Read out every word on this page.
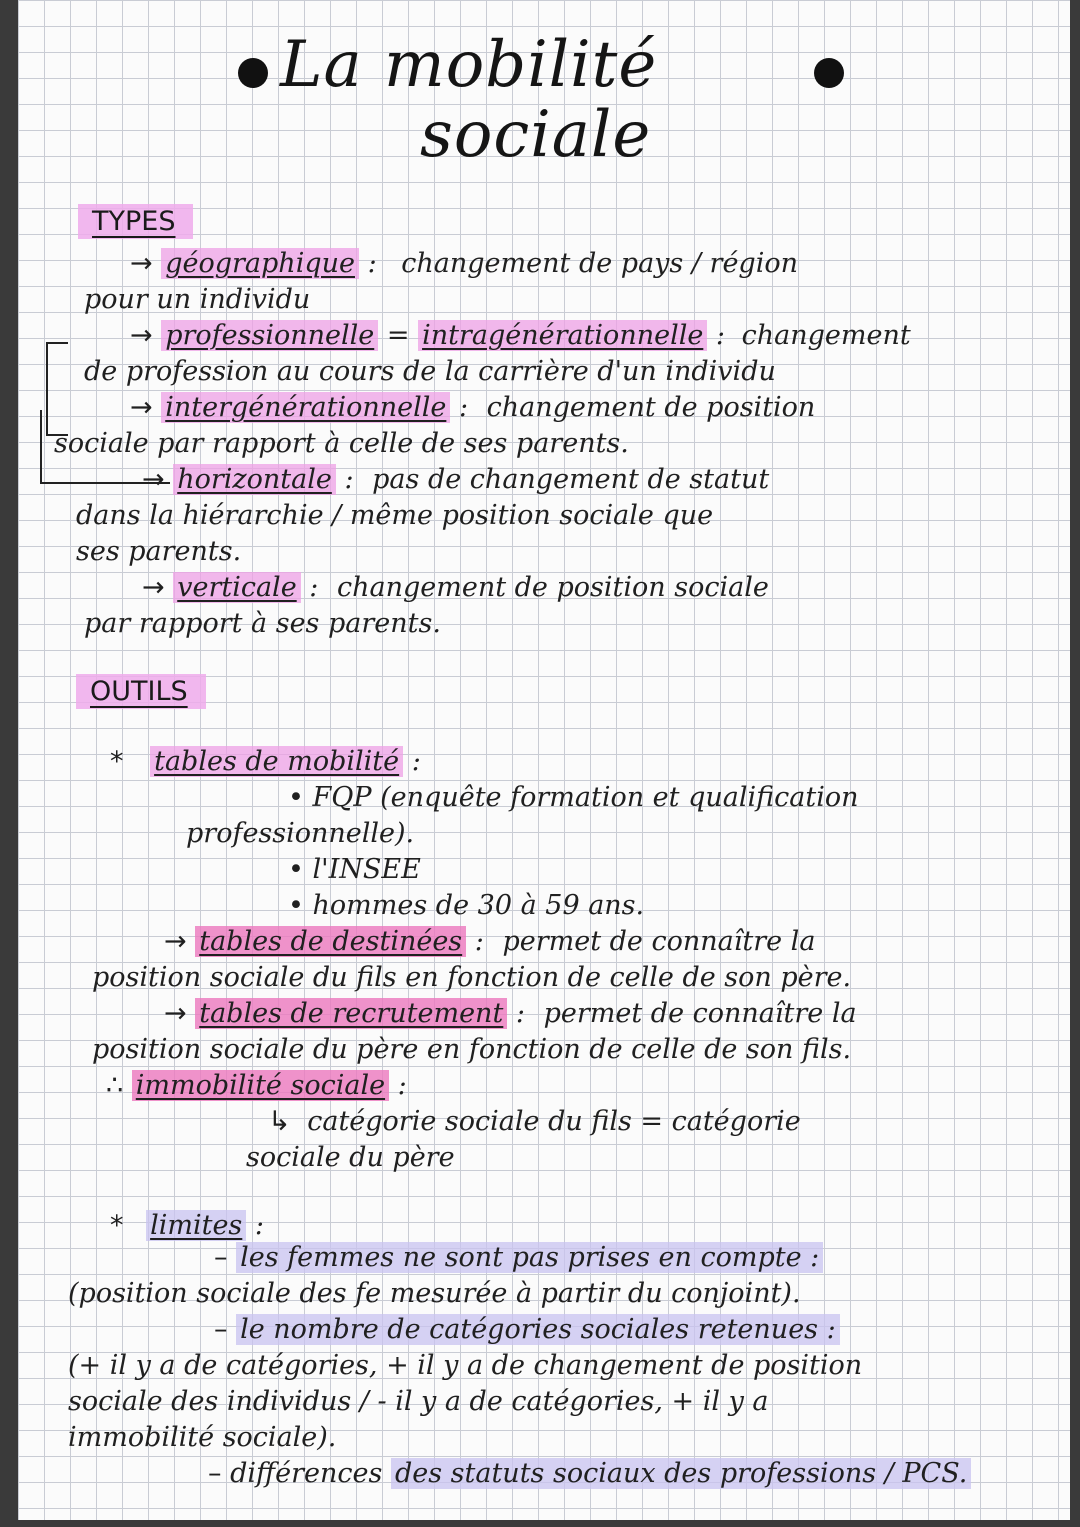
La mobilité
sociale
TYPES
→ géographique : changement de pays / région
pour un individu
→ professionnelle = intragénérationnelle : changement
de profession au cours de la carrière d'un individu
→ intergénérationnelle : changement de position
sociale par rapport à celle de ses parents.
→ horizontale : pas de changement de statut
dans la hiérarchie / même position sociale que
ses parents.
→ verticale : changement de position sociale
par rapport à ses parents.
OUTILS
* tables de mobilité :
• FQP (enquête formation et qualification
professionnelle).
• l'INSEE
• hommes de 30 à 59 ans.
→ tables de destinées : permet de connaître la
position sociale du fils en fonction de celle de son père.
→ tables de recrutement : permet de connaître la
position sociale du père en fonction de celle de son fils.
∴ immobilité sociale :
↳ catégorie sociale du fils = catégorie
sociale du père
* limites :
– les femmes ne sont pas prises en compte :
(position sociale des fe mesurée à partir du conjoint).
– le nombre de catégories sociales retenues :
(+ il y a de catégories, + il y a de changement de position
sociale des individus / - il y a de catégories, + il y a
immobilité sociale).
– différences des statuts sociaux des professions / PCS.
